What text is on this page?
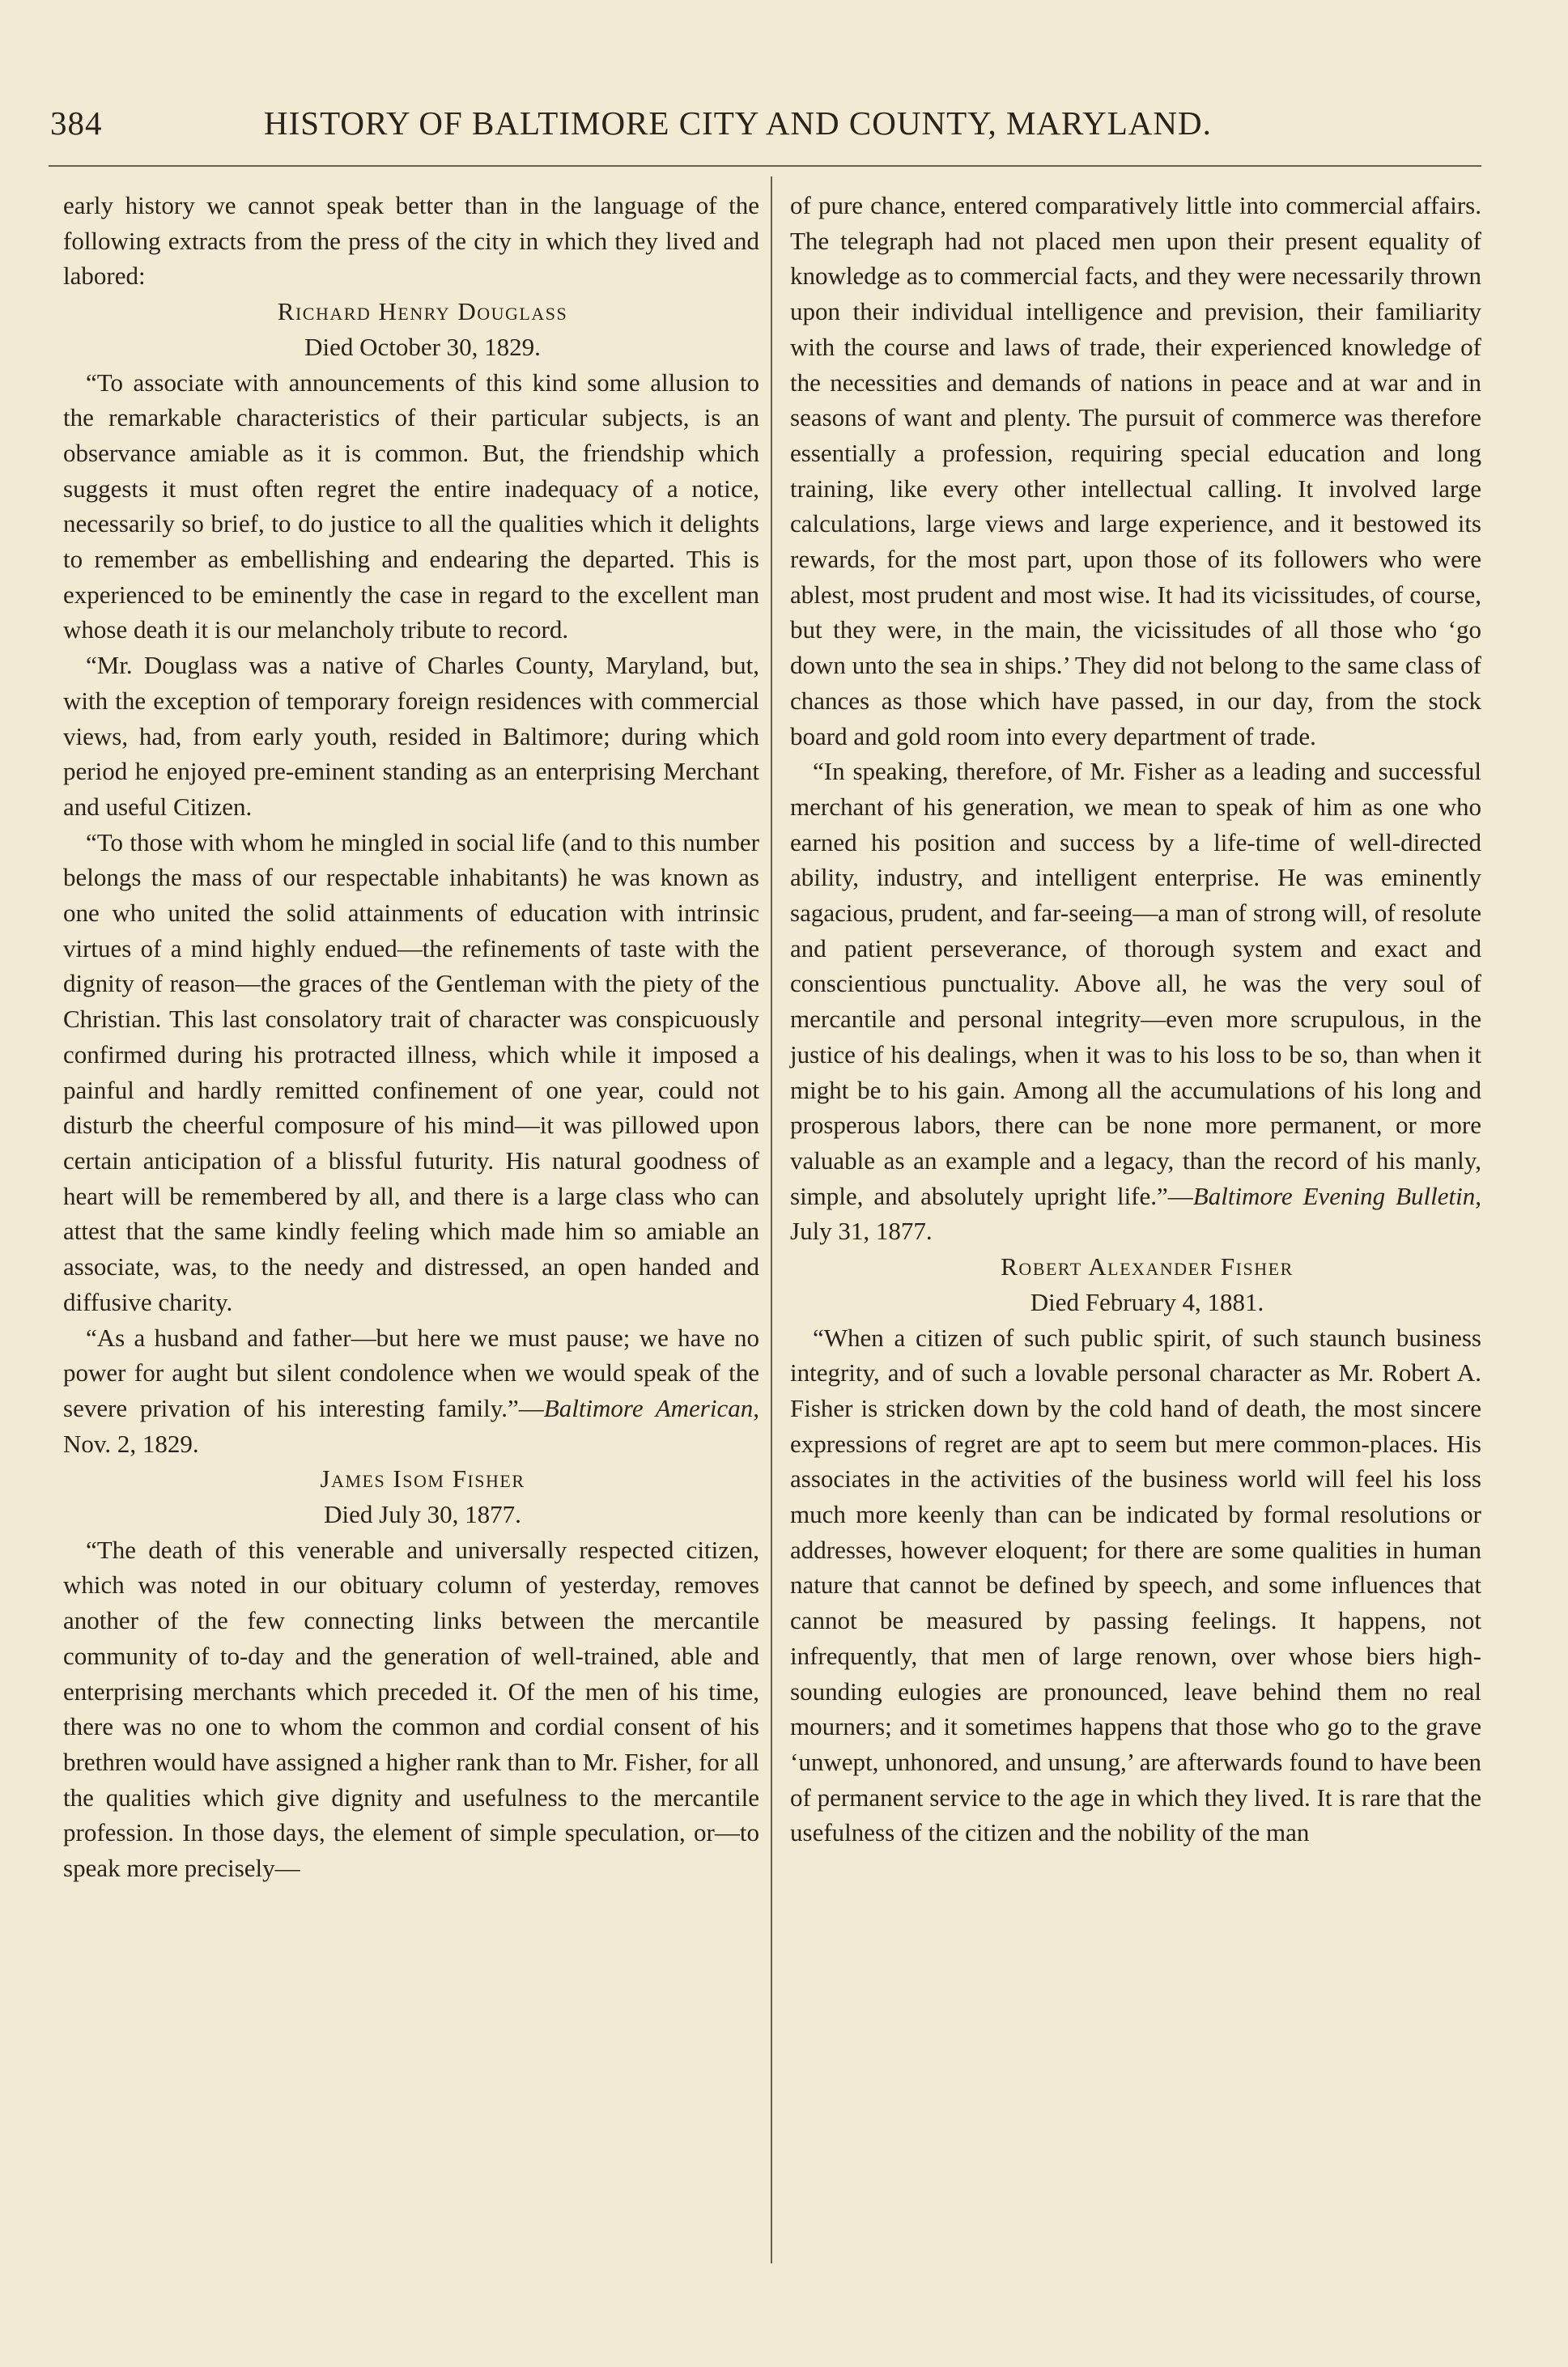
384	HISTORY OF BALTIMORE CITY AND COUNTY, MARYLAND.

early history we cannot speak better than in the language of the following extracts from the press of the city in which they lived and labored:

Richard Henry Douglass

Died October 30, 1829.

“To associate with announcements of this kind some allusion to the remarkable characteristics of their particular subjects, is an observance amiable as it is common. But, the friendship which suggests it must often regret the entire inadequacy of a notice, necessarily so brief, to do justice to all the qualities which it delights to remember as embellishing and endearing the departed. This is experienced to be eminently the case in regard to the excellent man whose death it is our melancholy tribute to record.

“Mr. Douglass was a native of Charles County, Maryland, but, with the exception of temporary foreign residences with commercial views, had, from early youth, resided in Baltimore; during which period he enjoyed pre-eminent standing as an enterprising Merchant and useful Citizen.

“To those with whom he mingled in social life (and to this number belongs the mass of our respectable inhabitants) he was known as one who united the solid attainments of education with intrinsic virtues of a mind highly endued—the refinements of taste with the dignity of reason—the graces of the Gentleman with the piety of the Christian. This last consolatory trait of character was conspicuously confirmed during his protracted illness, which while it imposed a painful and hardly remitted confinement of one year, could not disturb the cheerful composure of his mind—it was pillowed upon certain anticipation of a blissful futurity. His natural goodness of heart will be remembered by all, and there is a large class who can attest that the same kindly feeling which made him so amiable an associate, was, to the needy and distressed, an open handed and diffusive charity.

“As a husband and father—but here we must pause; we have no power for aught but silent condolence when we would speak of the severe privation of his interesting family.”—Baltimore American, Nov. 2, 1829.

James Isom Fisher

Died July 30, 1877.

“The death of this venerable and universally respected citizen, which was noted in our obituary column of yesterday, removes another of the few connecting links between the mercantile community of to-day and the generation of well-trained, able and enterprising merchants which preceded it. Of the men of his time, there was no one to whom the common and cordial consent of his brethren would have assigned a higher rank than to Mr. Fisher, for all the qualities which give dignity and usefulness to the mercantile profession. In those days, the element of simple speculation, or—to speak more precisely—

of pure chance, entered comparatively little into commercial affairs. The telegraph had not placed men upon their present equality of knowledge as to commercial facts, and they were necessarily thrown upon their individual intelligence and prevision, their familiarity with the course and laws of trade, their experienced knowledge of the necessities and demands of nations in peace and at war and in seasons of want and plenty. The pursuit of commerce was therefore essentially a profession, requiring special education and long training, like every other intellectual calling. It involved large calculations, large views and large experience, and it bestowed its rewards, for the most part, upon those of its followers who were ablest, most prudent and most wise. It had its vicissitudes, of course, but they were, in the main, the vicissitudes of all those who ‘go down unto the sea in ships.’ They did not belong to the same class of chances as those which have passed, in our day, from the stock board and gold room into every department of trade.

“In speaking, therefore, of Mr. Fisher as a leading and successful merchant of his generation, we mean to speak of him as one who earned his position and success by a life-time of well-directed ability, industry, and intelligent enterprise. He was eminently sagacious, prudent, and far-seeing—a man of strong will, of resolute and patient perseverance, of thorough system and exact and conscientious punctuality. Above all, he was the very soul of mercantile and personal integrity—even more scrupulous, in the justice of his dealings, when it was to his loss to be so, than when it might be to his gain. Among all the accumulations of his long and prosperous labors, there can be none more permanent, or more valuable as an example and a legacy, than the record of his manly, simple, and absolutely upright life.”—Baltimore Evening Bulletin, July 31, 1877.

Robert Alexander Fisher

Died February 4, 1881.

“When a citizen of such public spirit, of such staunch business integrity, and of such a lovable personal character as Mr. Robert A. Fisher is stricken down by the cold hand of death, the most sincere expressions of regret are apt to seem but mere common-places. His associates in the activities of the business world will feel his loss much more keenly than can be indicated by formal resolutions or addresses, however eloquent; for there are some qualities in human nature that cannot be defined by speech, and some influences that cannot be measured by passing feelings. It happens, not infrequently, that men of large renown, over whose biers high-sounding eulogies are pronounced, leave behind them no real mourners; and it sometimes happens that those who go to the grave ‘unwept, unhonored, and unsung,’ are afterwards found to have been of permanent service to the age in which they lived. It is rare that the usefulness of the citizen and the nobility of the man
